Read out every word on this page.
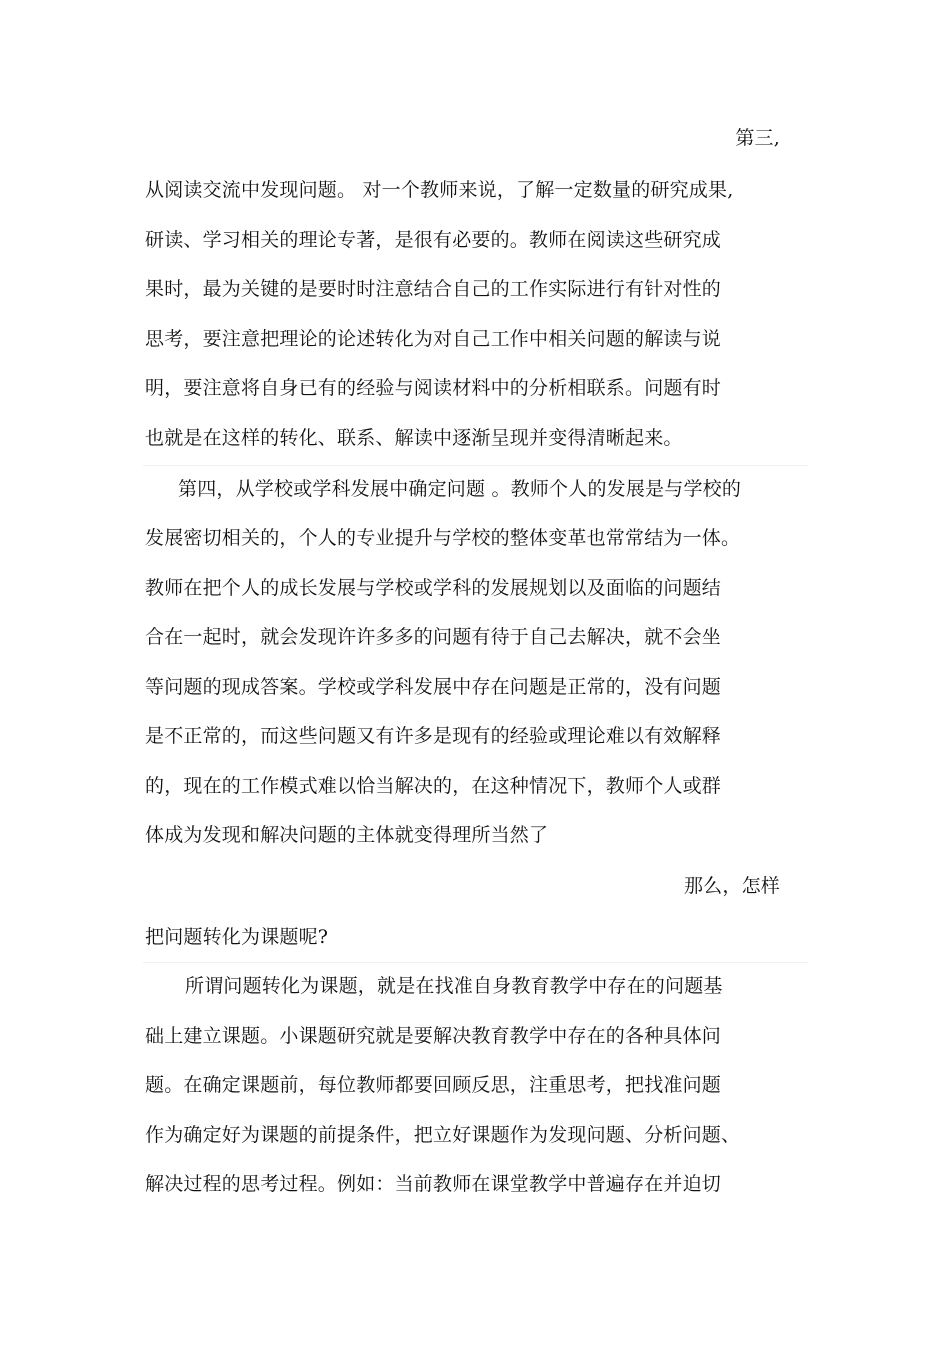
第三,
从阅读交流中发现问题。 对一个教师来说，了解一定数量的研究成果,
研读、学习相关的理论专著，是很有必要的。教师在阅读这些研究成
果时，最为关键的是要时时注意结合自己的工作实际进行有针对性的
思考，要注意把理论的论述转化为对自己工作中相关问题的解读与说
明，要注意将自身已有的经验与阅读材料中的分析相联系。问题有时
也就是在这样的转化、联系、解读中逐渐呈现并变得清晰起来。
第四，从学校或学科发展中确定问题 。教师个人的发展是与学校的
发展密切相关的，个人的专业提升与学校的整体变革也常常结为一体。
教师在把个人的成长发展与学校或学科的发展规划以及面临的问题结
合在一起时，就会发现许许多多的问题有待于自己去解决，就不会坐
等问题的现成答案。学校或学科发展中存在问题是正常的，没有问题
是不正常的，而这些问题又有许多是现有的经验或理论难以有效解释
的，现在的工作模式难以恰当解决的，在这种情况下，教师个人或群
体成为发现和解决问题的主体就变得理所当然了
那么，怎样
把问题转化为课题呢?
所谓问题转化为课题，就是在找准自身教育教学中存在的问题基
础上建立课题。小课题研究就是要解决教育教学中存在的各种具体问
题。在确定课题前，每位教师都要回顾反思，注重思考，把找准问题
作为确定好为课题的前提条件，把立好课题作为发现问题、分析问题、
解决过程的思考过程。例如：当前教师在课堂教学中普遍存在并迫切
